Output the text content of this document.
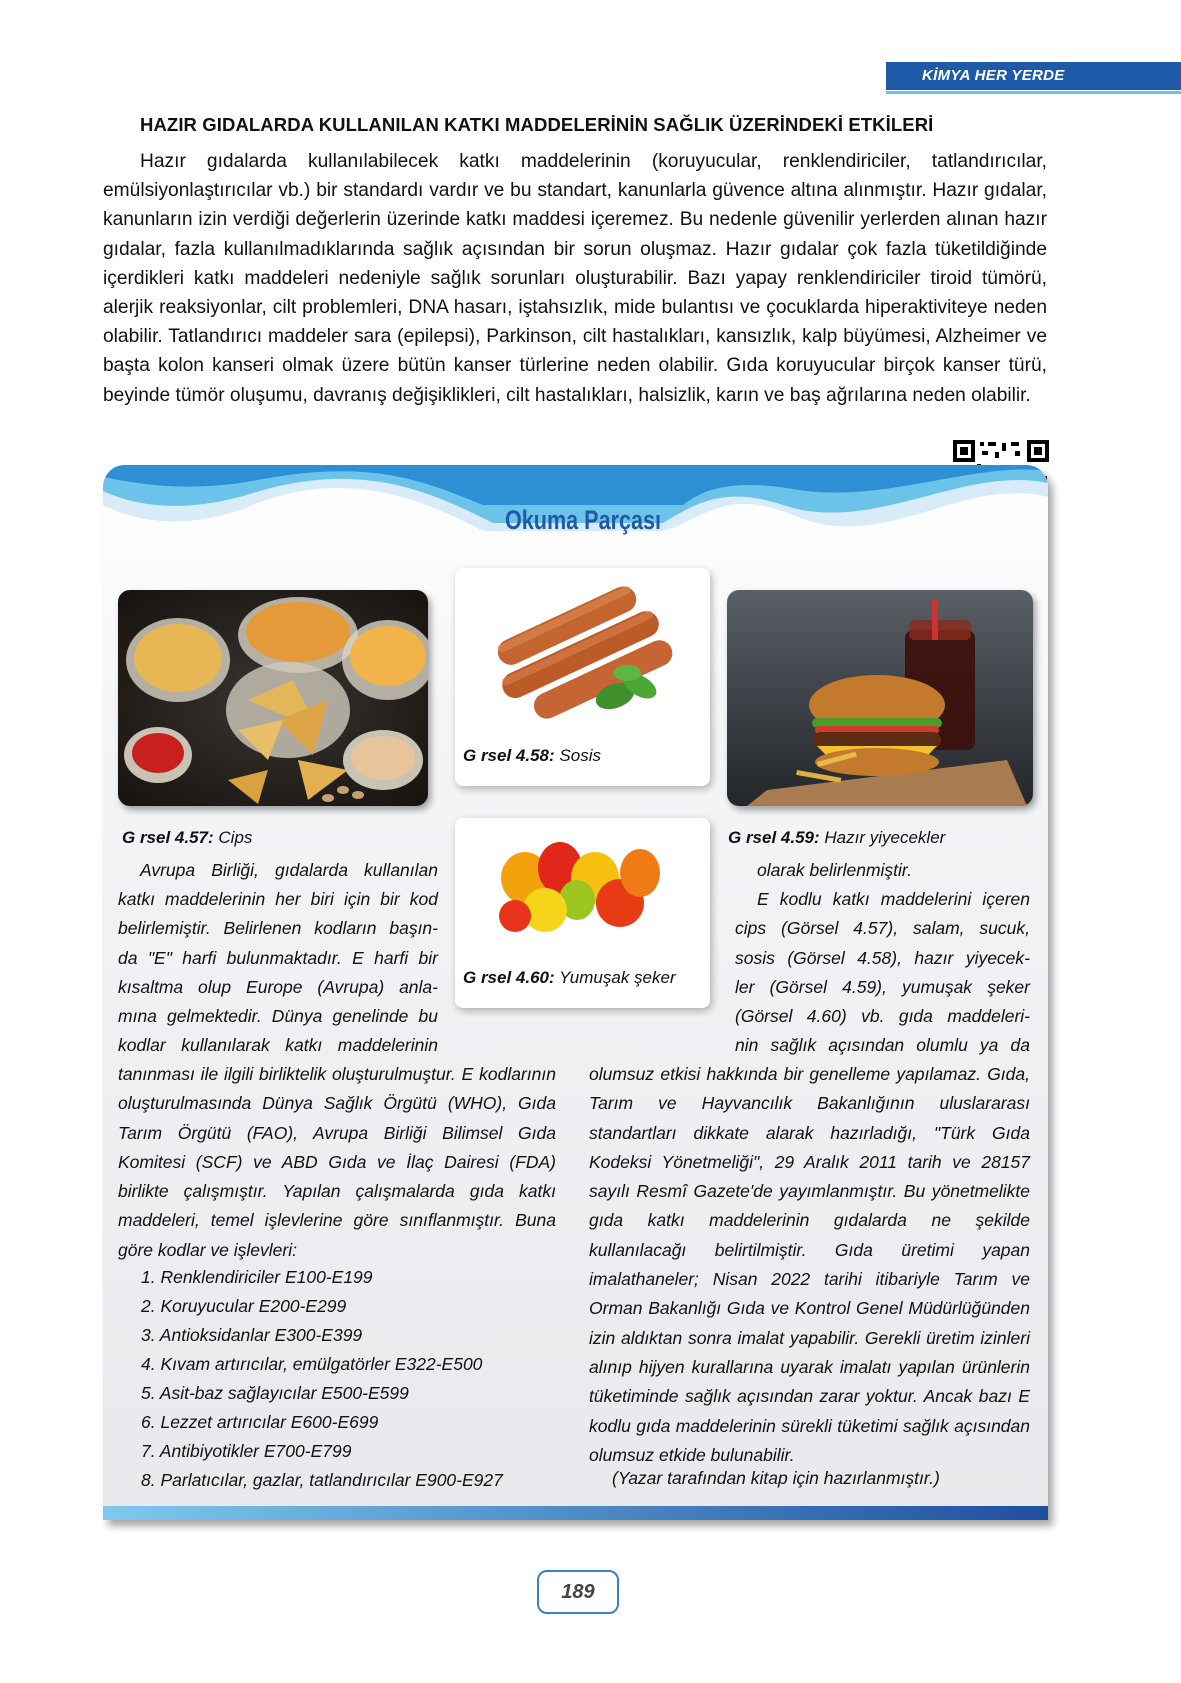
KİMYA HER YERDE
HAZIR GIDALARDA KULLANILAN KATKI MADDELERİNİN SAĞLIK ÜZERİNDEKİ ETKİLERİ

Hazır gıdalarda kullanılabilecek katkı maddelerinin (koruyucular, renklendiriciler, tatlandırıcılar, emülsiyonlaştırıcılar vb.) bir standardı vardır ve bu standart, kanunlarla güvence altına alınmıştır. Hazır gıdalar, kanunların izin verdiği değerlerin üzerinde katkı maddesi içeremez. Bu nedenle güvenilir yerlerden alınan hazır gıdalar, fazla kullanılmadıklarında sağlık açısından bir sorun oluşmaz. Hazır gıdalar çok fazla tüketildiğinde içerdikleri katkı maddeleri nedeniyle sağlık sorunları oluşturabilir. Bazı yapay renklendiriciler tiroid tümörü, alerjik reaksiyonlar, cilt problemleri, DNA hasarı, iştahsızlık, mide bulantısı ve çocuklarda hiperaktiviteye neden olabilir. Tatlandırıcı maddeler sara (epilepsi), Parkinson, cilt hastalıkları, kansızlık, kalp büyümesi, Alzheimer ve başta kolon kanseri olmak üzere bütün kanser türlerine neden olabilir. Gıda koruyucular birçok kanser türü, beyinde tümör oluşumu, davranış değişiklikleri, cilt hastalıkları, halsizlik, karın ve baş ağrılarına neden olabilir.

Okuma Parçası
G rsel 4.58: Sosis
G rsel 4.60: Yumuşak şeker
G rsel 4.57: Cips	G rsel 4.59: Hazır yiyecekler
Avrupa Birliği, gıdalarda kullanılan
katkı maddelerinin her biri için bir kod
belirlemiştir. Belirlenen kodların başın-
da "E" harfi bulunmaktadır. E harfi bir
kısaltma olup Europe (Avrupa) anla-
mına gelmektedir. Dünya genelinde bu
kodlar kullanılarak katkı maddelerinin

tanınması ile ilgili birliktelik oluşturulmuştur. E kodlarının oluşturulmasında Dünya Sağlık Örgütü (WHO), Gıda Tarım Örgütü (FAO), Avrupa Birliği Bilimsel Gıda Komitesi (SCF) ve ABD Gıda ve İlaç Dairesi (FDA) birlikte çalışmıştır. Yapılan çalışmalarda gıda katkı maddeleri, temel işlevlerine göre sınıflanmıştır. Buna göre kodlar ve işlevleri:

1. Renklendiriciler E100-E199
2. Koruyucular E200-E299
3. Antioksidanlar E300-E399
4. Kıvam artırıcılar, emülgatörler E322-E500
5. Asit-baz sağlayıcılar E500-E599
6. Lezzet artırıcılar E600-E699
7. Antibiyotikler E700-E799
8. Parlatıcılar, gazlar, tatlandırıcılar E900-E927
olarak belirlenmiştir.
E kodlu katkı maddelerini içeren
cips (Görsel 4.57), salam, sucuk,
sosis (Görsel 4.58), hazır yiyecek-
ler (Görsel 4.59), yumuşak şeker
(Görsel 4.60) vb. gıda maddeleri-
nin sağlık açısından olumlu ya da

olumsuz etkisi hakkında bir genelleme yapılamaz. Gıda, Tarım ve Hayvancılık Bakanlığının uluslararası standartları dikkate alarak hazırladığı, "Türk Gıda Kodeksi Yönetmeliği", 29 Aralık 2011 tarih ve 28157 sayılı Resmî Gazete'de yayımlanmıştır. Bu yönetmelikte gıda katkı maddelerinin gıdalarda ne şekilde kullanılacağı belirtilmiştir. Gıda üretimi yapan imalathaneler; Nisan 2022 tarihi itibariyle Tarım ve Orman Bakanlığı Gıda ve Kontrol Genel Müdürlüğünden izin aldıktan sonra imalat yapabilir. Gerekli üretim izinleri alınıp hijyen kurallarına uyarak imalatı yapılan ürünlerin tüketiminde sağlık açısından zarar yoktur. Ancak bazı E kodlu gıda maddelerinin sürekli tüketimi sağlık açısından olumsuz etkide bulunabilir.

(Yazar tarafından kitap için hazırlanmıştır.)
189
